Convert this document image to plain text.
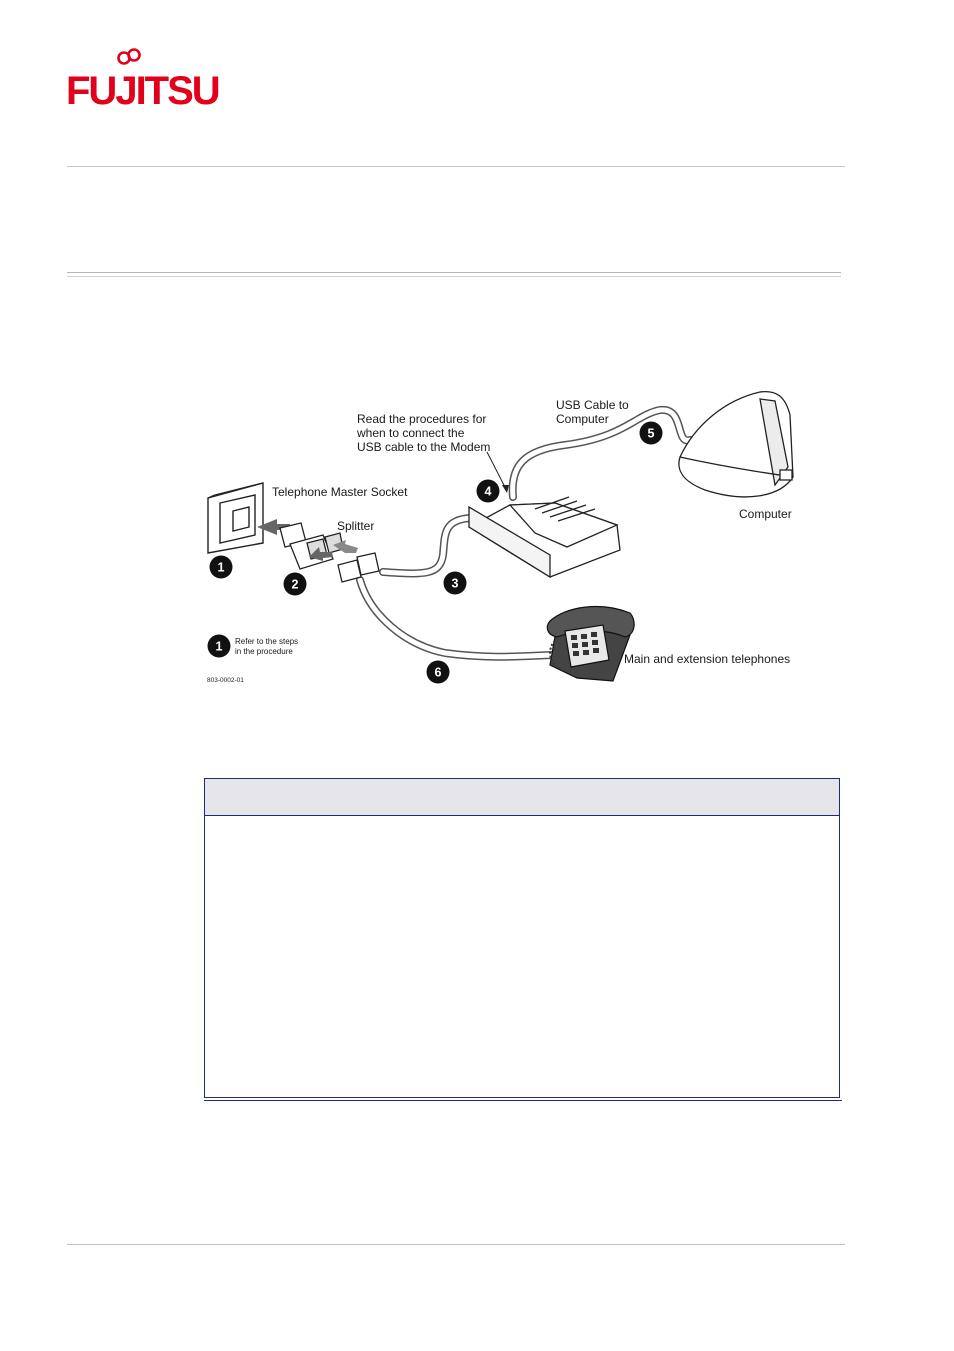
FUJITSU
Read the procedures for
when to connect the
USB cable to the Modem
USB Cable to
Computer
Telephone Master Socket
Splitter
Computer
Main and extension telephones
Refer to the steps
in the procedure
803-0002-01
1
2	3
4
5
6
1
